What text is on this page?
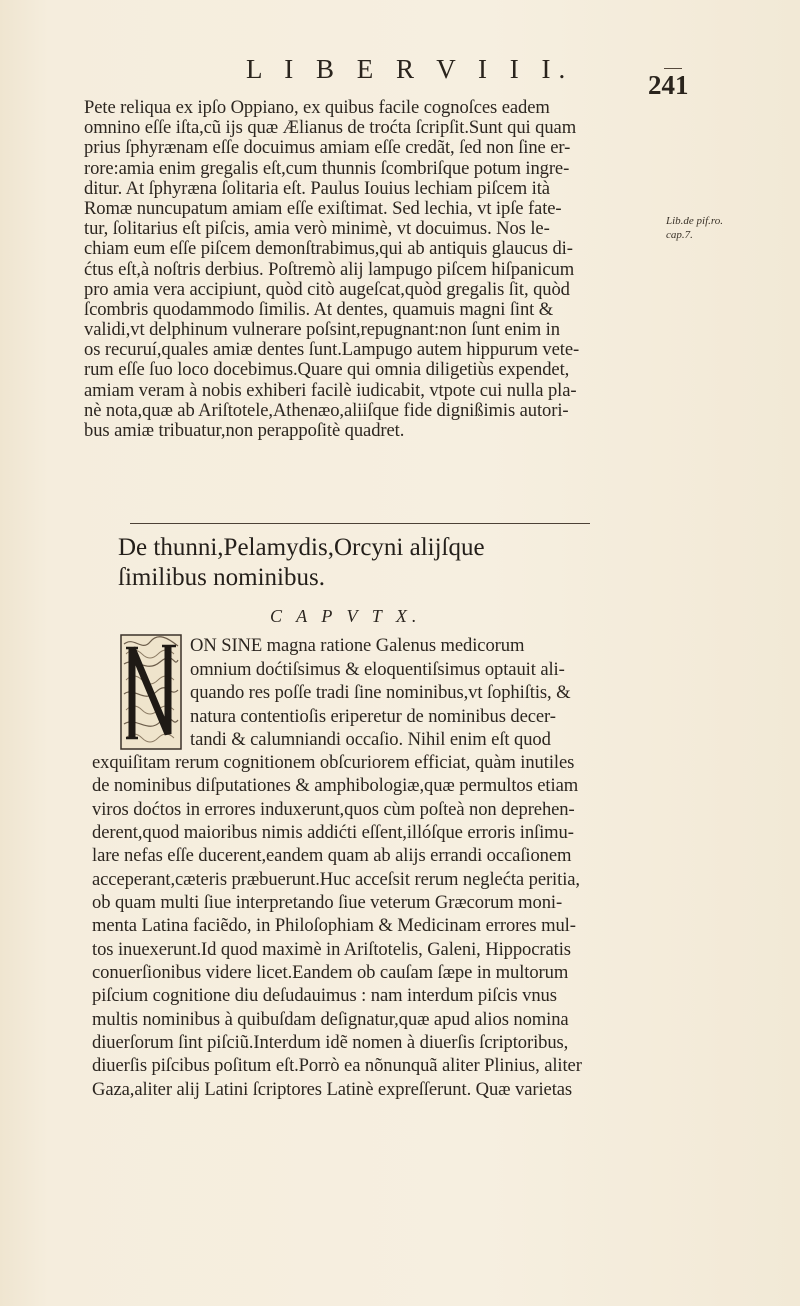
L I B E R V I I I.
241
Pete reliqua ex ipſo Oppiano, ex quibus facile cognoſces eadem
omnino eſſe iſta,cũ ijs quæ Ælianus de troćta ſcripſit.Sunt qui quam
prius ſphyrænam eſſe docuimus amiam eſſe credãt, ſed non ſine er-
rore:amia enim gregalis eſt,cum thunnis ſcombriſque potum ingre-
ditur. At ſphyræna ſolitaria eſt. Paulus Iouius lechiam piſcem ità
Romæ nuncupatum amiam eſſe exiſtimat. Sed lechia, vt ipſe fate-
tur, ſolitarius eſt piſcis, amia verò minimè, vt docuimus. Nos le-
chiam eum eſſe piſcem demonſtrabimus,qui ab antiquis glaucus di-
ćtus eſt,à noſtris derbius. Poſtremò alij lampugo piſcem hiſpanicum
pro amia vera accipiunt, quòd citò augeſcat,quòd gregalis ſit, quòd
ſcombris quodammodo ſimilis. At dentes, quamuis magni ſint &
validi,vt delphinum vulnerare poſsint,repugnant:non ſunt enim in
os recuruí,quales amiæ dentes ſunt.Lampugo autem hippurum vete-
rum eſſe ſuo loco docebimus.Quare qui omnia diligetiùs expendet,
amiam veram à nobis exhiberi facilè iudicabit, vtpote cui nulla pla-
nè nota,quæ ab Ariſtotele,Athenæo,aliiſque fide dignißimis autori-
bus amiæ tribuatur,non perappoſitè quadret.
Lib.de pif.ro.
cap.7.
De thunni,Pelamydis,Orcyni alijſque
ſimilibus nominibus.
C A P V T X.
ON SINE magna ratione Galenus medicorum
omnium doćtiſsimus & eloquentiſsimus optauit ali-
quando res poſſe tradi ſine nominibus,vt ſophiſtis, &
natura contentioſis eriperetur de nominibus decer-
tandi & calumniandi occaſio. Nihil enim eſt quod
exquiſitam rerum cognitionem obſcuriorem efficiat, quàm inutiles
de nominibus diſputationes & amphibologiæ,quæ permultos etiam
viros doćtos in errores induxerunt,quos cùm poſteà non deprehen-
derent,quod maioribus nimis addićti eſſent,illóſque erroris inſimu-
lare nefas eſſe ducerent,eandem quam ab alijs errandi occaſionem
acceperant,cæteris præbuerunt.Huc acceſsit rerum neglećta peritia,
ob quam multi ſiue interpretando ſiue veterum Græcorum moni-
menta Latina faciẽdo, in Philoſophiam & Medicinam errores mul-
tos inuexerunt.Id quod maximè in Ariſtotelis, Galeni, Hippocratis
conuerſionibus videre licet.Eandem ob cauſam ſæpe in multorum
piſcium cognitione diu deſudauimus : nam interdum piſcis vnus
multis nominibus à quibuſdam deſignatur,quæ apud alios nomina
diuerſorum ſint piſciũ.Interdum idẽ nomen à diuerſis ſcriptoribus,
diuerſis piſcibus poſitum eſt.Porrò ea nõnunquã aliter Plinius, aliter
Gaza,aliter alij Latini ſcriptores Latinè expreſſerunt. Quæ varietas
